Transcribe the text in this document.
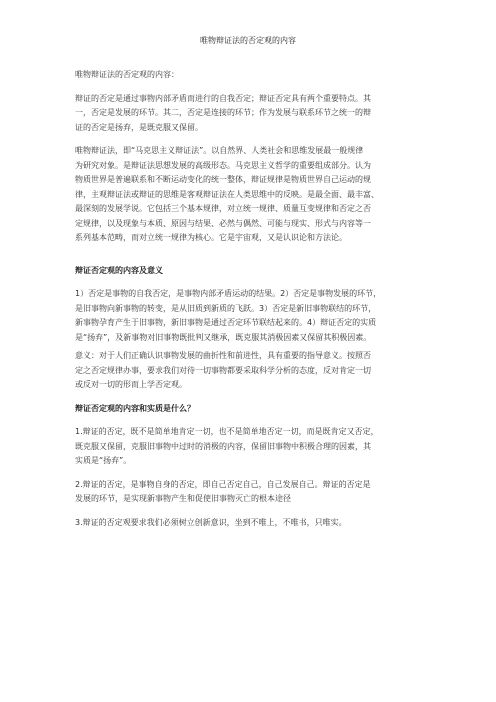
唯物辩证法的否定观的内容
唯物辩证法的否定观的内容：
辩证的否定是通过事物内部矛盾而进行的自我否定；辩证否定具有两个重要特点。其
一，否定是发展的环节。其二，否定是连接的环节；作为发展与联系环节之统一的辩
证的否定是扬弃，是既克服又保留。
唯物辩证法，即“马克思主义辩证法”。以自然界、人类社会和思维发展最一般规律
为研究对象。是辩证法思想发展的高级形态。马克思主义哲学的重要组成部分。认为
物质世界是普遍联系和不断运动变化的统一整体，辩证规律是物质世界自己运动的规
律，主观辩证法或辩证的思维是客观辩证法在人类思维中的反映。是最全面、最丰富、
最深刻的发展学说。它包括三个基本规律，对立统一规律、质量互变规律和否定之否
定规律，以及现象与本质、原因与结果、必然与偶然、可能与现实、形式与内容等一
系列基本范畴，而对立统一规律为核心。它是宇宙观，又是认识论和方法论。
辩证否定观的内容及意义
1）否定是事物的自我否定，是事物内部矛盾运动的结果。2）否定是事物发展的环节，
是旧事物向新事物的转变，是从旧质到新质的飞跃。3）否定是新旧事物联结的环节，
新事物孕育产生于旧事物，新旧事物是通过否定环节联结起来的。4）辩证否定的实质
是“扬弃”，及新事物对旧事物既批判又继承，既克服其消极因素又保留其积极因素。
意义：对于人们正确认识事物发展的曲折性和前进性，具有重要的指导意义。按照否
定之否定规律办事，要求我们对待一切事物都要采取科学分析的态度，反对肯定一切
或反对一切的形而上学否定观。
辩证否定观的内容和实质是什么？
1.辩证的否定，既不是简单地肯定一切，也不是简单地否定一切，而是既肯定又否定，
既克服又保留，克服旧事物中过时的消极的内容，保留旧事物中积极合理的因素，其
实质是“扬弃”。
2.辩证的否定，是事物自身的否定，即自己否定自己，自己发展自己。辩证的否定是
发展的环节，是实现新事物产生和促使旧事物灭亡的根本途径
3.辩证的否定观要求我们必须树立创新意识，坐到不唯上，不唯书，只唯实。
